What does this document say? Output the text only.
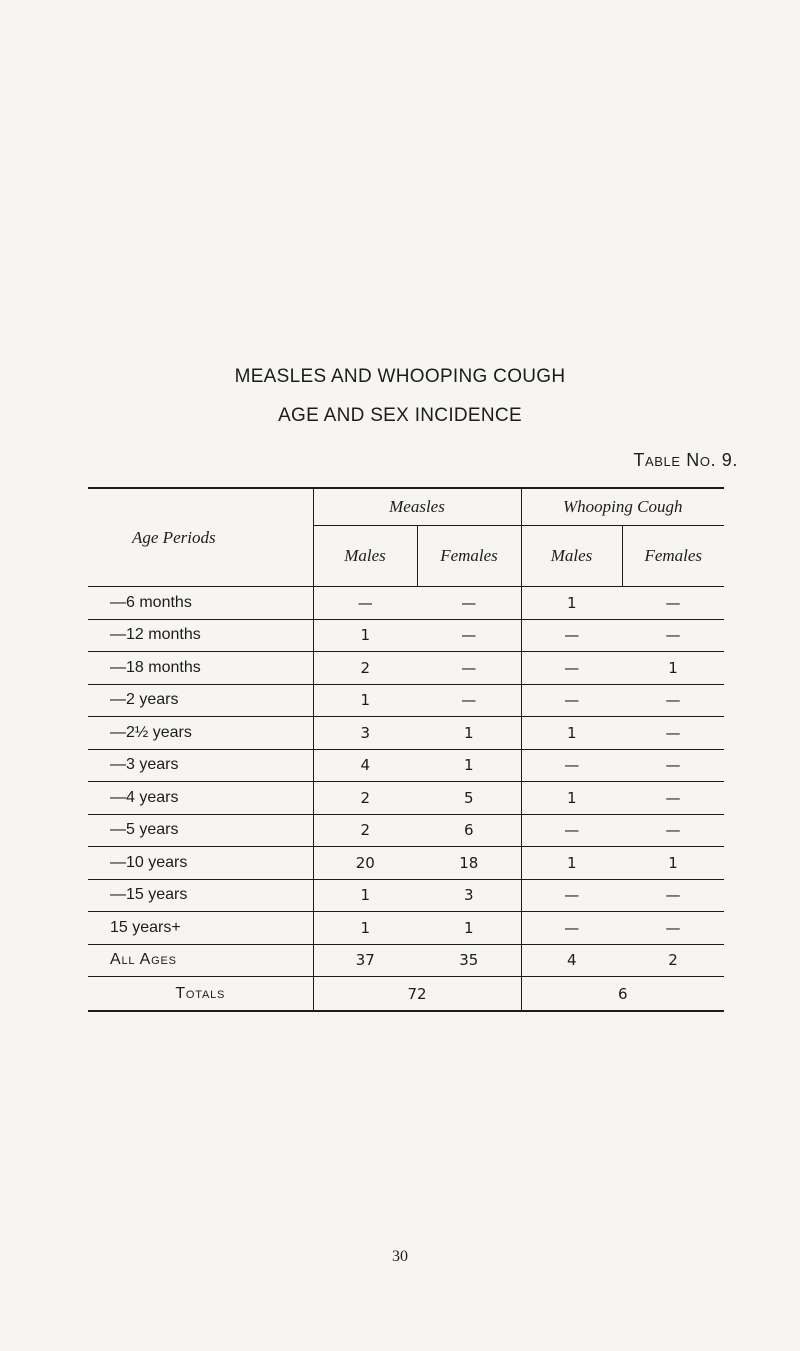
MEASLES AND WHOOPING COUGH
AGE AND SEX INCIDENCE
Table No. 9.
Age Periods	Measles		Whooping Cough	
	Males	Females	Males	Females
—6 months	—	—	1	—
—12 months	1	—	—	—
—18 months	2	—	—	1
—2 years	1	—	—	—
—2½ years	3	1	1	—
—3 years	4	1	—	—
—4 years	2	5	1	—
—5 years	2	6	—	—
—10 years	20	18	1	1
—15 years	1	3	—	—
15 years+	1	1	—	—
All Ages	37	35	4	2
Totals	72		6	
30
